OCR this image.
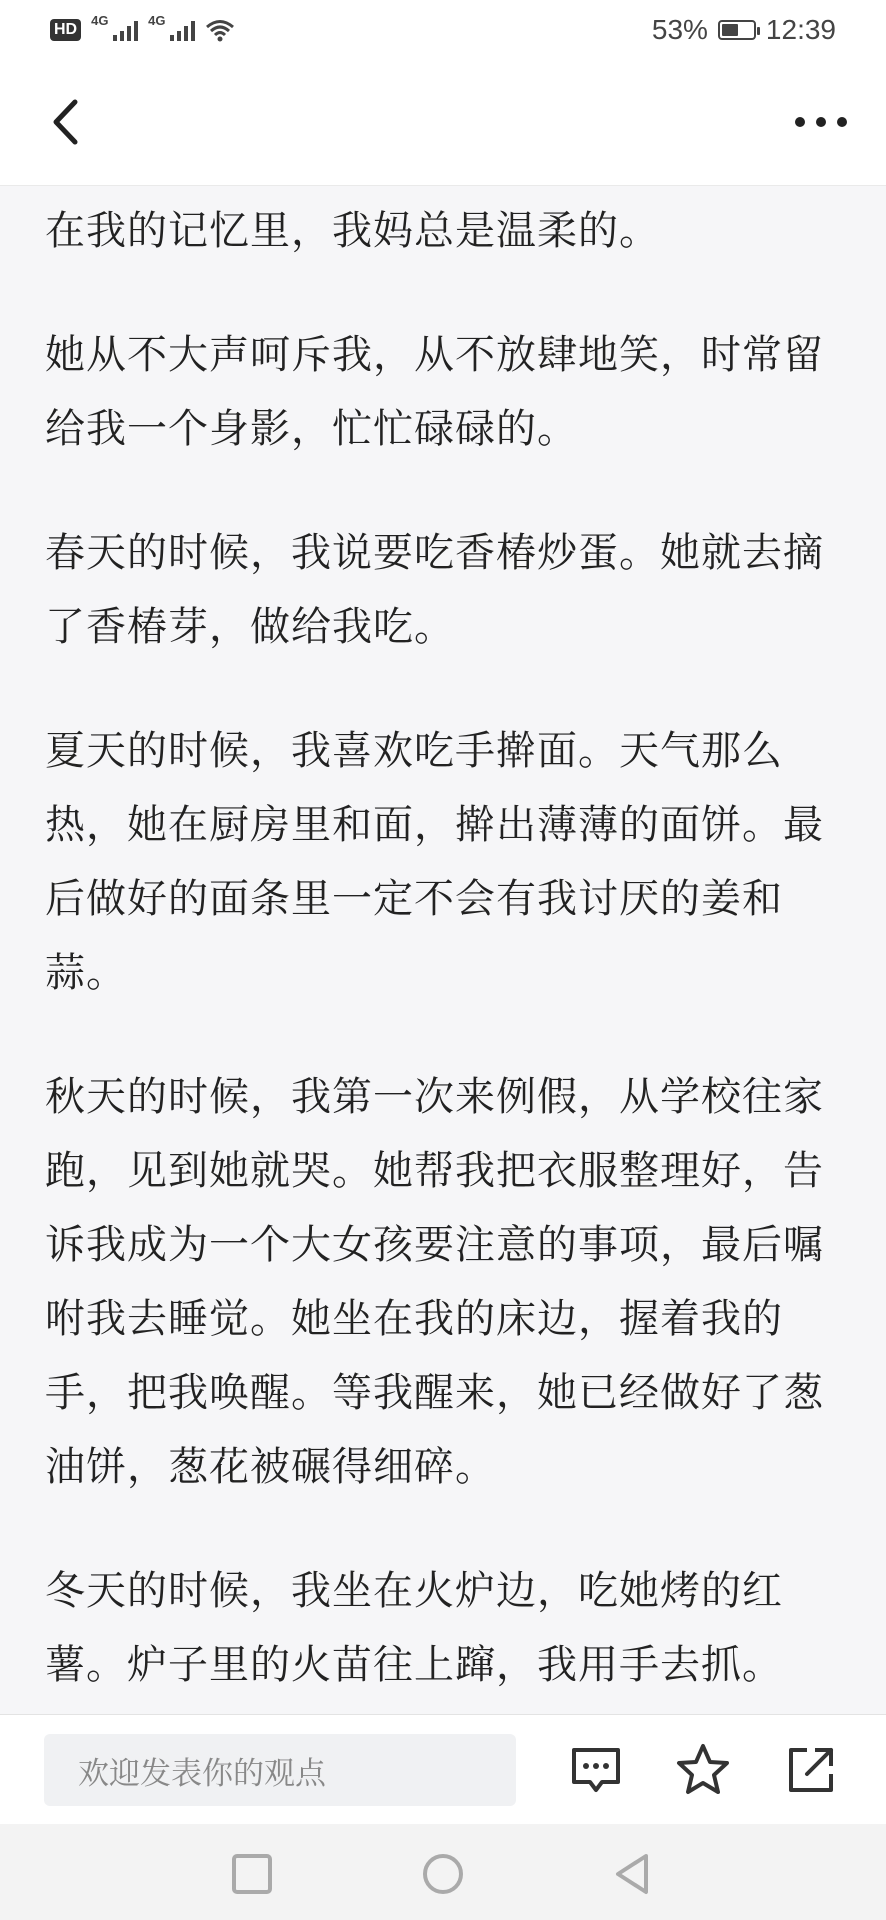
HD
4G	4G	53% 12:39

在我的记忆里，我妈总是温柔的。

她从不大声呵斥我，从不放肆地笑，时常留给我一个身影，忙忙碌碌的。

春天的时候，我说要吃香椿炒蛋。她就去摘了香椿芽，做给我吃。

夏天的时候，我喜欢吃手擀面。天气那么热，她在厨房里和面，擀出薄薄的面饼。最后做好的面条里一定不会有我讨厌的姜和蒜。

秋天的时候，我第一次来例假，从学校往家跑，见到她就哭。她帮我把衣服整理好，告诉我成为一个大女孩要注意的事项，最后嘱咐我去睡觉。她坐在我的床边，握着我的手，把我唤醒。等我醒来，她已经做好了葱油饼，葱花被碾得细碎。

冬天的时候，我坐在火炉边，吃她烤的红薯。炉子里的火苗往上蹿，我用手去抓。

欢迎发表你的观点
